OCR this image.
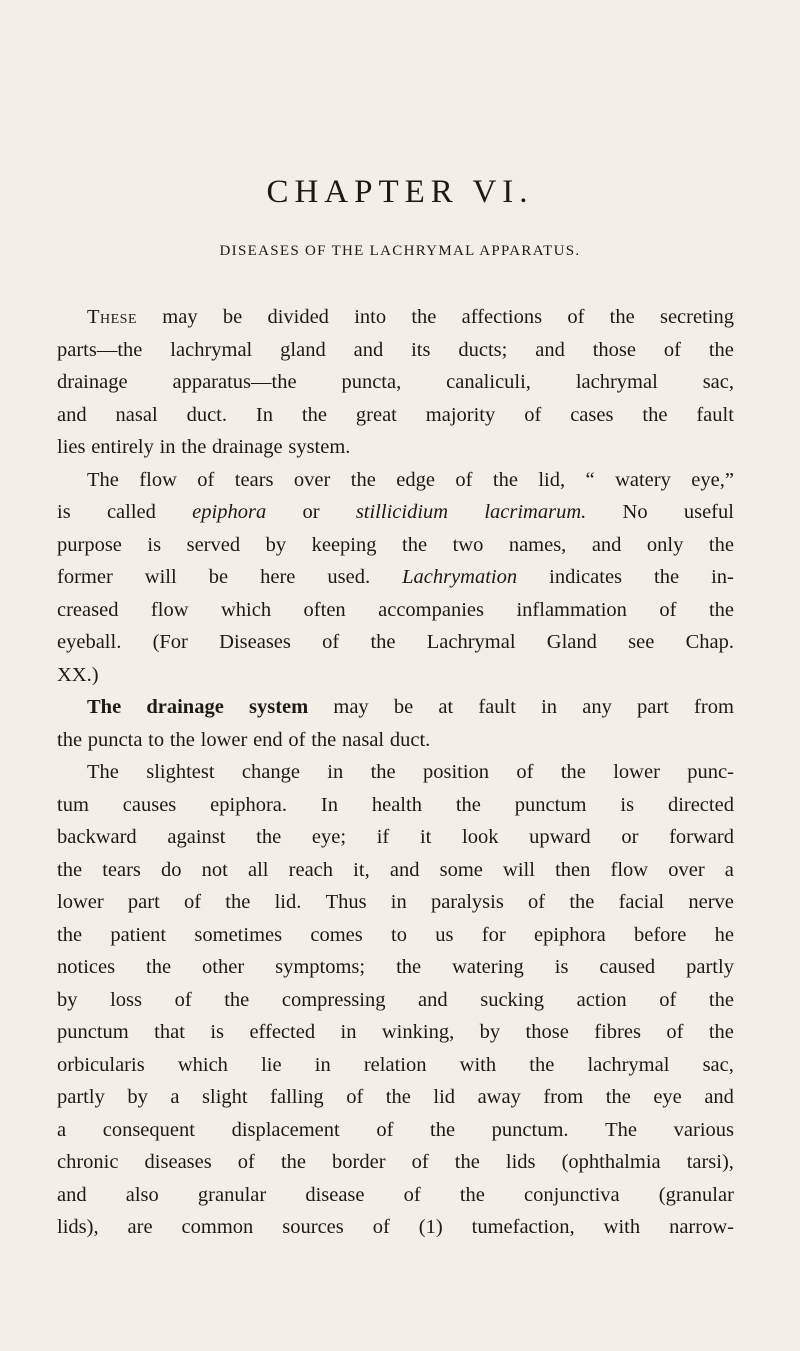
CHAPTER VI.
DISEASES OF THE LACHRYMAL APPARATUS.
These may be divided into the affections of the secreting
parts—the lachrymal gland and its ducts; and those of the
drainage apparatus—the puncta, canaliculi, lachrymal sac,
and nasal duct. In the great majority of cases the fault
lies entirely in the drainage system.
The flow of tears over the edge of the lid, “ watery eye,”
is called epiphora or stillicidium lacrimarum. No useful
purpose is served by keeping the two names, and only the
former will be here used. Lachrymation indicates the in-
creased flow which often accompanies inflammation of the
eyeball. (For Diseases of the Lachrymal Gland see Chap.
XX.)
The drainage system may be at fault in any part from
the puncta to the lower end of the nasal duct.
The slightest change in the position of the lower punc-
tum causes epiphora. In health the punctum is directed
backward against the eye; if it look upward or forward
the tears do not all reach it, and some will then flow over a
lower part of the lid. Thus in paralysis of the facial nerve
the patient sometimes comes to us for epiphora before he
notices the other symptoms; the watering is caused partly
by loss of the compressing and sucking action of the
punctum that is effected in winking, by those fibres of the
orbicularis which lie in relation with the lachrymal sac,
partly by a slight falling of the lid away from the eye and
a consequent displacement of the punctum. The various
chronic diseases of the border of the lids (ophthalmia tarsi),
and also granular disease of the conjunctiva (granular
lids), are common sources of (1) tumefaction, with narrow-
